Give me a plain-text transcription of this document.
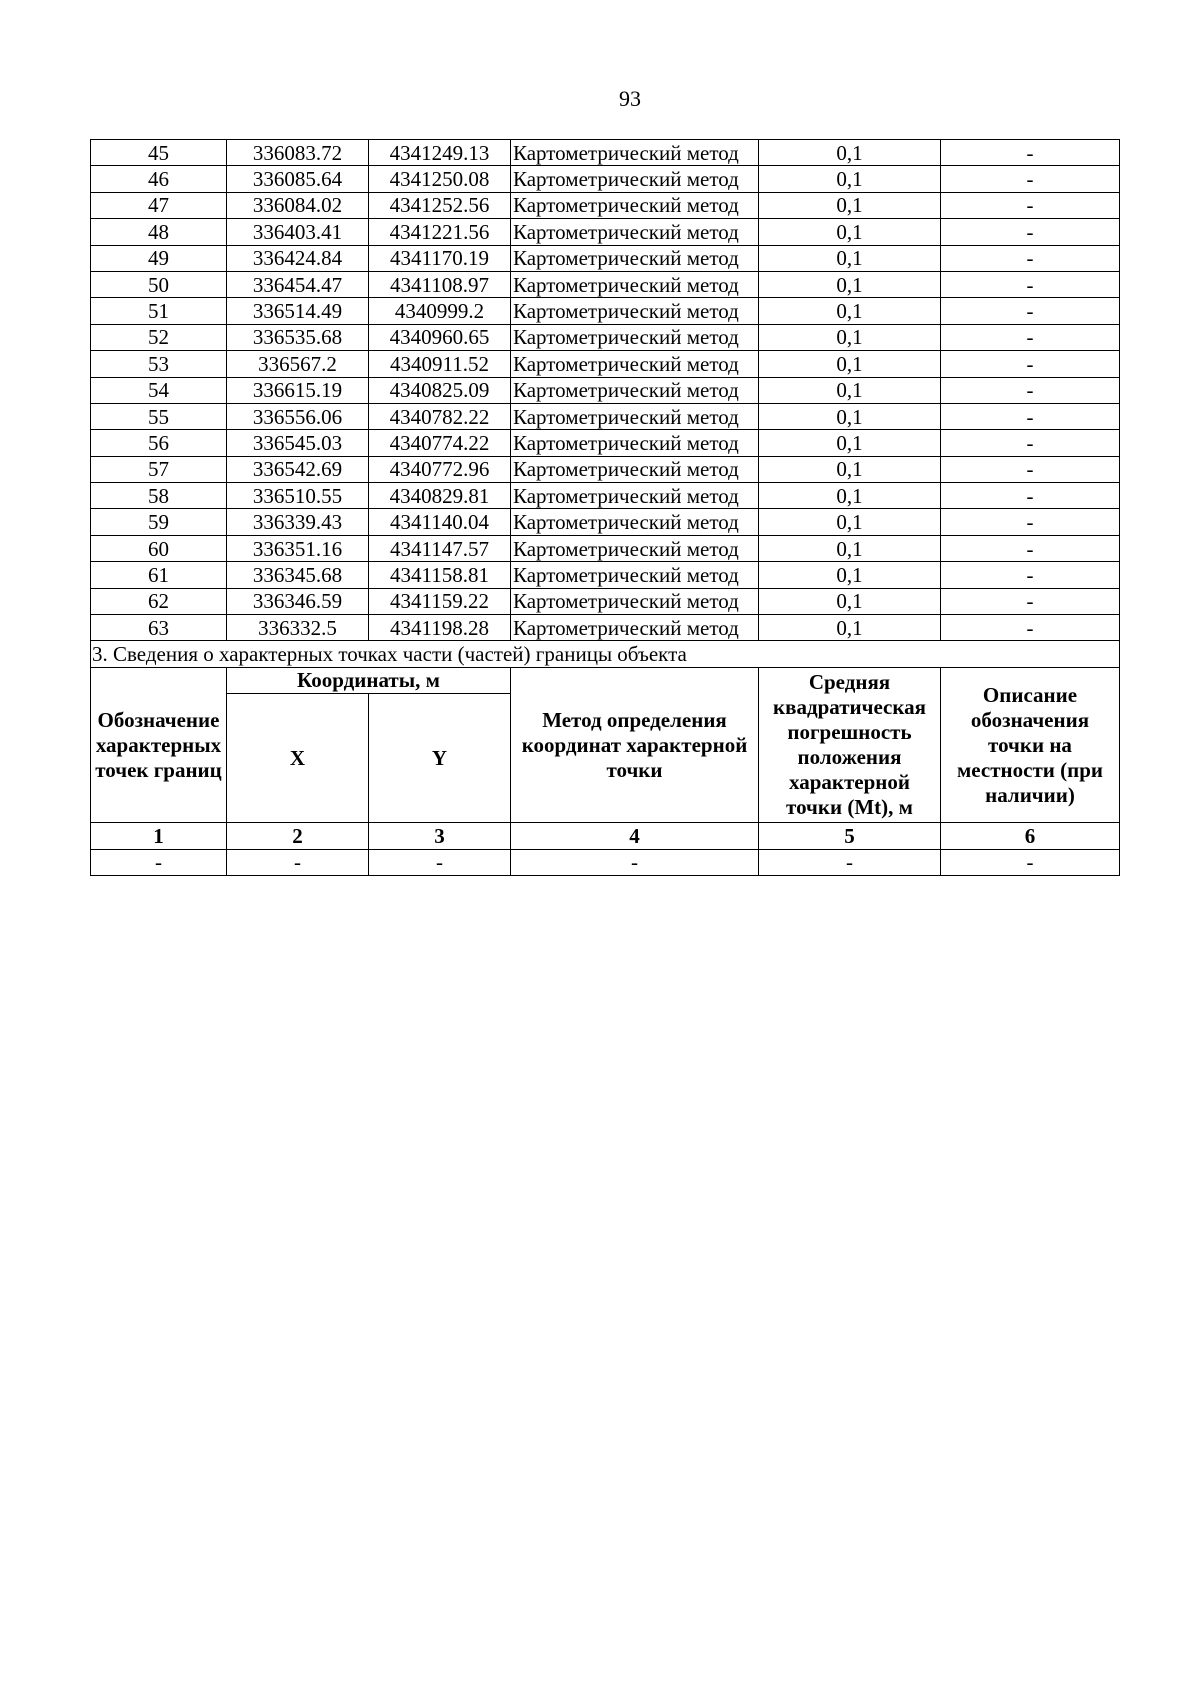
93
45	336083.72	4341249.13	Картометрический метод	0,1	-
46	336085.64	4341250.08	Картометрический метод	0,1	-
47	336084.02	4341252.56	Картометрический метод	0,1	-
48	336403.41	4341221.56	Картометрический метод	0,1	-
49	336424.84	4341170.19	Картометрический метод	0,1	-
50	336454.47	4341108.97	Картометрический метод	0,1	-
51	336514.49	4340999.2	Картометрический метод	0,1	-
52	336535.68	4340960.65	Картометрический метод	0,1	-
53	336567.2	4340911.52	Картометрический метод	0,1	-
54	336615.19	4340825.09	Картометрический метод	0,1	-
55	336556.06	4340782.22	Картометрический метод	0,1	-
56	336545.03	4340774.22	Картометрический метод	0,1	-
57	336542.69	4340772.96	Картометрический метод	0,1	-
58	336510.55	4340829.81	Картометрический метод	0,1	-
59	336339.43	4341140.04	Картометрический метод	0,1	-
60	336351.16	4341147.57	Картометрический метод	0,1	-
61	336345.68	4341158.81	Картометрический метод	0,1	-
62	336346.59	4341159.22	Картометрический метод	0,1	-
63	336332.5	4341198.28	Картометрический метод	0,1	-
3. Сведения о характерных точках части (частей) границы объекта					
Обозначение характерных точек границ	Координаты, м		Метод определения координат характерной точки	Средняя квадратическая погрешность положения характерной точки (Mt), м	Описание обозначения точки на местности (при наличии)
	X	Y			
1	2	3	4	5	6
-	-	-	-	-	-
